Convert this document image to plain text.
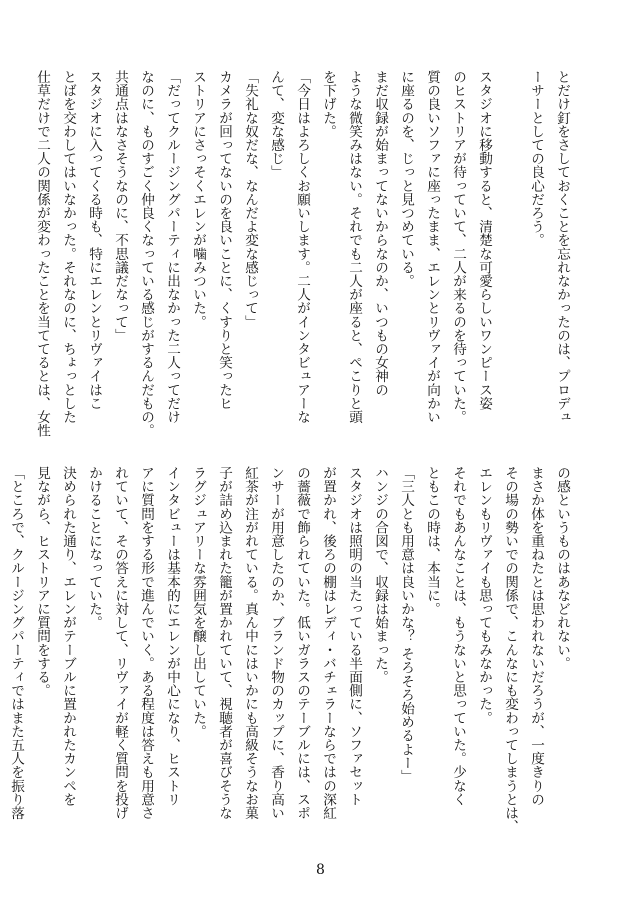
とだけ釘をさしておくことを忘れなかったのは、プロデュ
ーサーとしての良心だろう。

スタジオに移動すると、清楚な可愛らしいワンピース姿
のヒストリアが待っていて、二人が来るのを待っていた。
質の良いソファに座ったまま、エレンとリヴァイが向かい
に座るのを、じっと見つめている。
まだ収録が始まってないからなのか、いつもの女神の
ような微笑みはない。それでも二人が座ると、ぺこりと頭
を下げた。
「今日はよろしくお願いします。二人がインタビュアーな
んて、変な感じ」
「失礼な奴だな、なんだよ変な感じって」
カメラが回ってないのを良いことに、くすりと笑ったヒ
ストリアにさっそくエレンが噛みついた。
「だってクルージングパーティに出なかった二人ってだけ
なのに、ものすごく仲良くなっている感じがするんだもの。
共通点はなさそうなのに、不思議だなって」
スタジオに入ってくる時も、特にエレンとリヴァイはこ
とばを交わしてはいなかった。それなのに、ちょっとした
仕草だけで二人の関係が変わったことを当ててるとは、女性
の感というものはあなどれない。
まさか体を重ねたとは思われないだろうが、一度きりの
その場の勢いでの関係で、こんなにも変わってしまうとは、
エレンもリヴァイも思ってもみなかった。
それでもあんなことは、もうないと思っていた。少なく
ともこの時は、本当に。
「三人とも用意は良いかな？ そろそろ始めるよー」
ハンジの合図で、収録は始まった。
スタジオは照明の当たっている半面側に、ソファセット
が置かれ、後ろの棚はレディ・バチェラーならではの深紅
の薔薇で飾られていた。低いガラスのテーブルには、スポ
ンサーが用意したのか、ブランド物のカップに、香り高い
紅茶が注がれている。真ん中にはいかにも高級そうなお菓
子が詰め込まれた籠が置かれていて、視聴者が喜びそうな
ラグジュアリーな雰囲気を醸し出していた。
インタビューは基本的にエレンが中心になり、ヒストリ
アに質問をする形で進んでいく。ある程度は答えも用意さ
れていて、その答えに対して、リヴァイが軽く質問を投げ
かけることになっていた。
決められた通り、エレンがテーブルに置かれたカンペを
見ながら、ヒストリアに質問をする。
「ところで、クルージングパーティではまた五人を振り落
8
